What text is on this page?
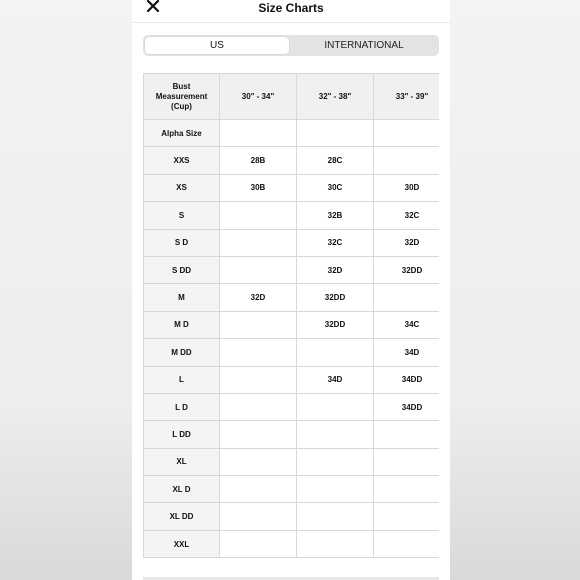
Size Charts
US	INTERNATIONAL
Bust
Measurement
(Cup)	30" - 34"	32" - 38"	33" - 39"	
Alpha Size				
XXS	28B	28C		
XS	30B	30C	30D	
S		32B	32C	
S D		32C	32D	
S DD		32D	32DD	
M	32D	32DD		
M D		32DD	34C	
M DD			34D	
L		34D	34DD	
L D			34DD	
L DD				
XL				
XL D				
XL DD				
XXL				
